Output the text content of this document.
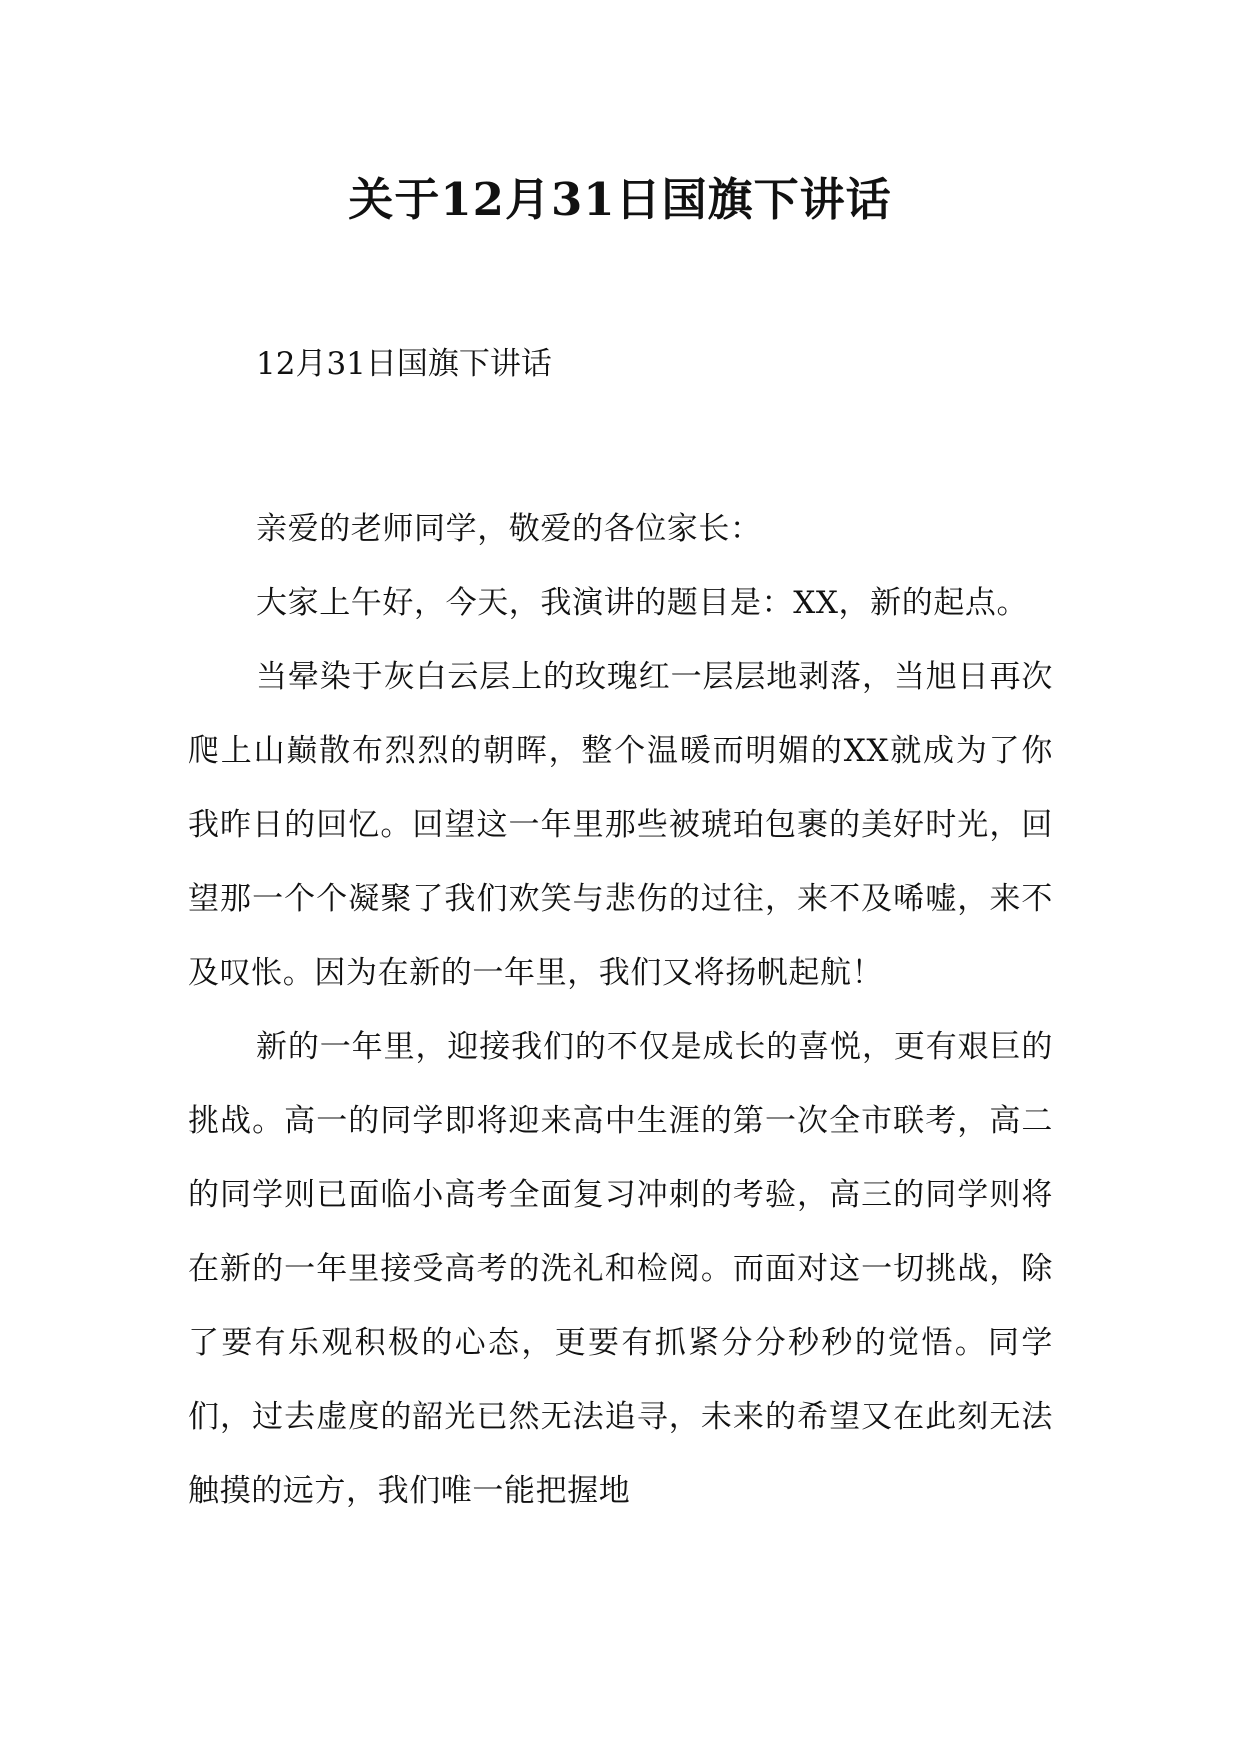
关于12月31日国旗下讲话

12月31日国旗下讲话

亲爱的老师同学，敬爱的各位家长：

大家上午好，今天，我演讲的题目是：XX，新的起点。

当晕染于灰白云层上的玫瑰红一层层地剥落，当旭日再次爬上山巅散布烈烈的朝晖，整个温暖而明媚的XX就成为了你我昨日的回忆。回望这一年里那些被琥珀包裹的美好时光，回望那一个个凝聚了我们欢笑与悲伤的过往，来不及唏嘘，来不及叹怅。因为在新的一年里，我们又将扬帆起航！

新的一年里，迎接我们的不仅是成长的喜悦，更有艰巨的挑战。高一的同学即将迎来高中生涯的第一次全市联考，高二的同学则已面临小高考全面复习冲刺的考验，高三的同学则将在新的一年里接受高考的洗礼和检阅。而面对这一切挑战，除了要有乐观积极的心态，更要有抓紧分分秒秒的觉悟。同学们，过去虚度的韶光已然无法追寻，未来的希望又在此刻无法触摸的远方，我们唯一能把握地
